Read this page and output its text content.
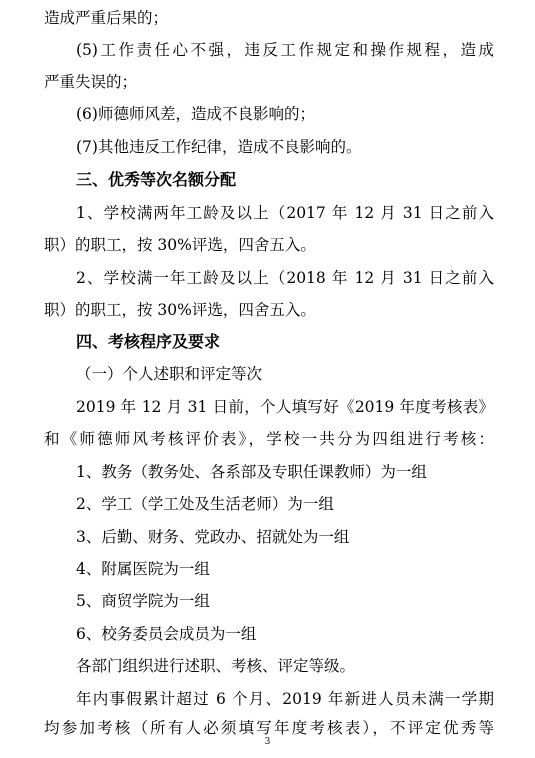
造成严重后果的；
(5)工作责任心不强，违反工作规定和操作规程，造成
严重失误的；
(6)师德师风差，造成不良影响的；
(7)其他违反工作纪律，造成不良影响的。
三、优秀等次名额分配
1、学校满两年工龄及以上（2017 年 12 月 31 日之前入
职）的职工，按 30%评选，四舍五入。
2、学校满一年工龄及以上（2018 年 12 月 31 日之前入
职）的职工，按 30%评选，四舍五入。
四、考核程序及要求
（一）个人述职和评定等次
2019 年 12 月 31 日前，个人填写好《2019 年度考核表》
和《师德师风考核评价表》，学校一共分为四组进行考核：
1、教务（教务处、各系部及专职任课教师）为一组
2、学工（学工处及生活老师）为一组
3、后勤、财务、党政办、招就处为一组
4、附属医院为一组
5、商贸学院为一组
6、校务委员会成员为一组
各部门组织进行述职、考核、评定等级。
年内事假累计超过 6 个月、2019 年新进人员未满一学期
均参加考核（所有人必须填写年度考核表），不评定优秀等
3
